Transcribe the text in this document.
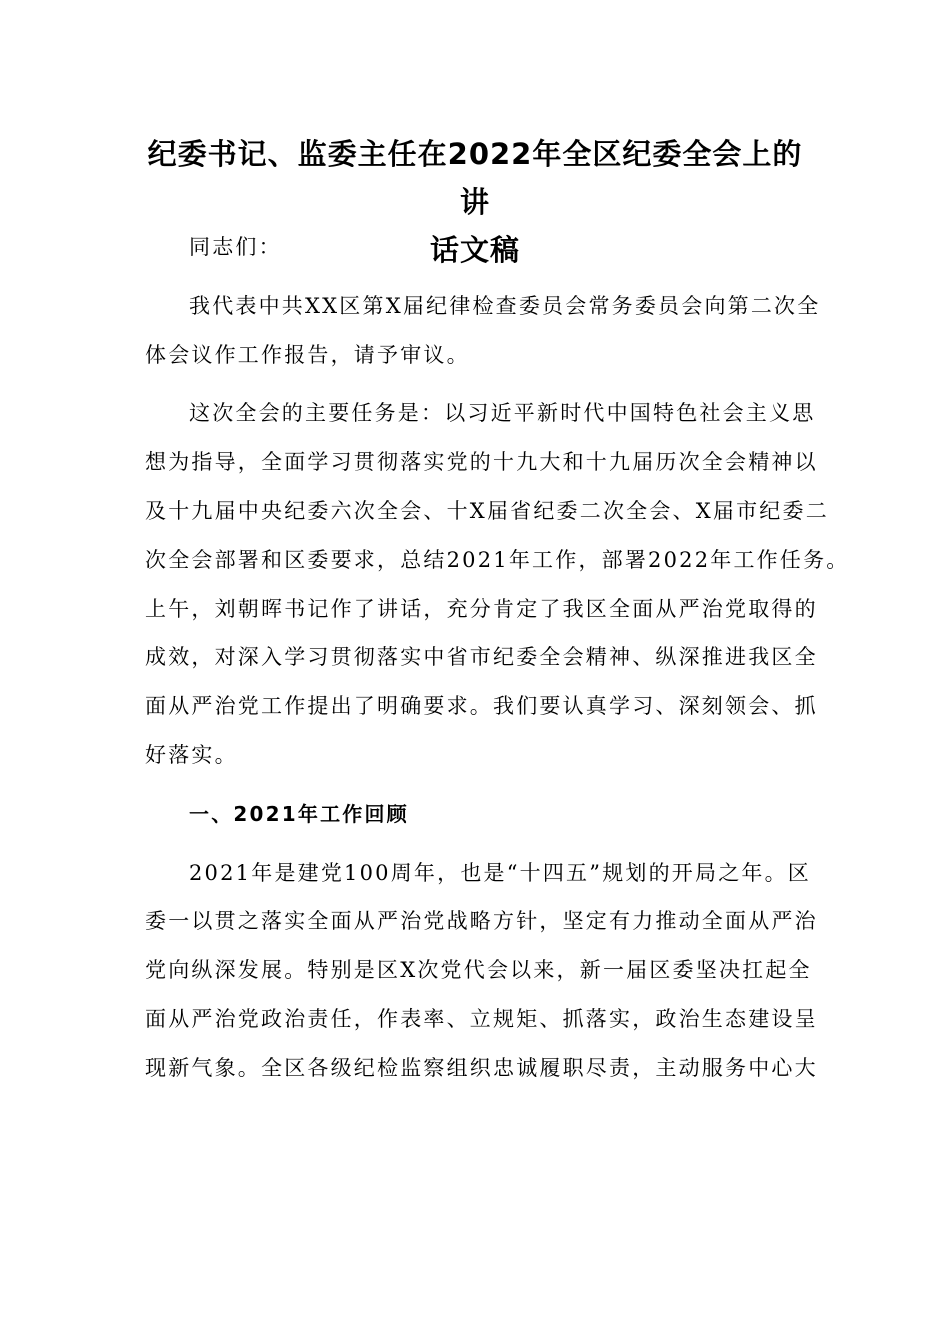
纪委书记、监委主任在2022年全区纪委全会上的讲
话文稿

同志们：

我代表中共XX区第X届纪律检查委员会常务委员会向第二次全
体会议作工作报告，请予审议。

这次全会的主要任务是：以习近平新时代中国特色社会主义思
想为指导，全面学习贯彻落实党的十九大和十九届历次全会精神以
及十九届中央纪委六次全会、十X届省纪委二次全会、X届市纪委二
次全会部署和区委要求，总结2021年工作，部署2022年工作任务。
上午，刘朝晖书记作了讲话，充分肯定了我区全面从严治党取得的
成效，对深入学习贯彻落实中省市纪委全会精神、纵深推进我区全
面从严治党工作提出了明确要求。我们要认真学习、深刻领会、抓
好落实。

一、2021年工作回顾

2021年是建党100周年，也是“十四五”规划的开局之年。区
委一以贯之落实全面从严治党战略方针，坚定有力推动全面从严治
党向纵深发展。特别是区X次党代会以来，新一届区委坚决扛起全
面从严治党政治责任，作表率、立规矩、抓落实，政治生态建设呈
现新气象。全区各级纪检监察组织忠诚履职尽责，主动服务中心大
